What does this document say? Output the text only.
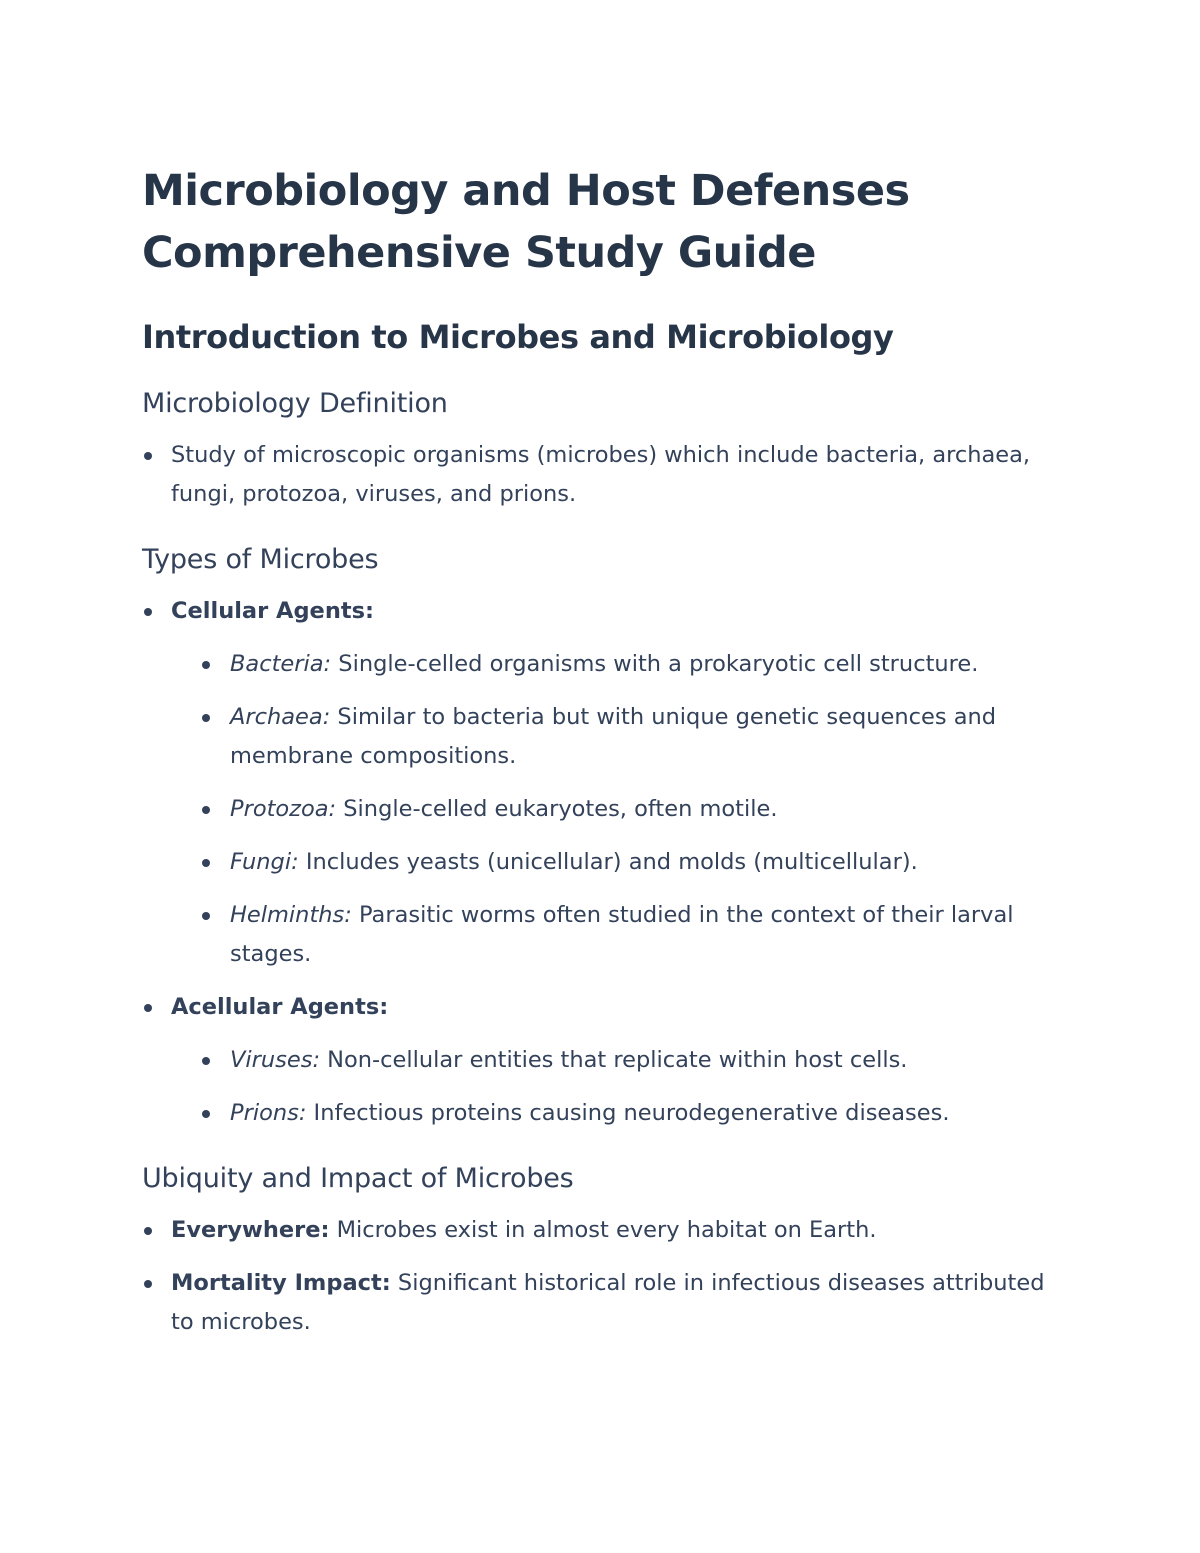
Microbiology and Host Defenses
Comprehensive Study Guide
Introduction to Microbes and Microbiology
Microbiology Definition
Study of microscopic organisms (microbes) which include bacteria, archaea, fungi, protozoa, viruses, and prions.
Types of Microbes
Cellular Agents:
Bacteria: Single-celled organisms with a prokaryotic cell structure.
Archaea: Similar to bacteria but with unique genetic sequences and membrane compositions.
Protozoa: Single-celled eukaryotes, often motile.
Fungi: Includes yeasts (unicellular) and molds (multicellular).
Helminths: Parasitic worms often studied in the context of their larval stages.
Acellular Agents:
Viruses: Non-cellular entities that replicate within host cells.
Prions: Infectious proteins causing neurodegenerative diseases.
Ubiquity and Impact of Microbes
Everywhere: Microbes exist in almost every habitat on Earth.
Mortality Impact: Significant historical role in infectious diseases attributed to microbes.
